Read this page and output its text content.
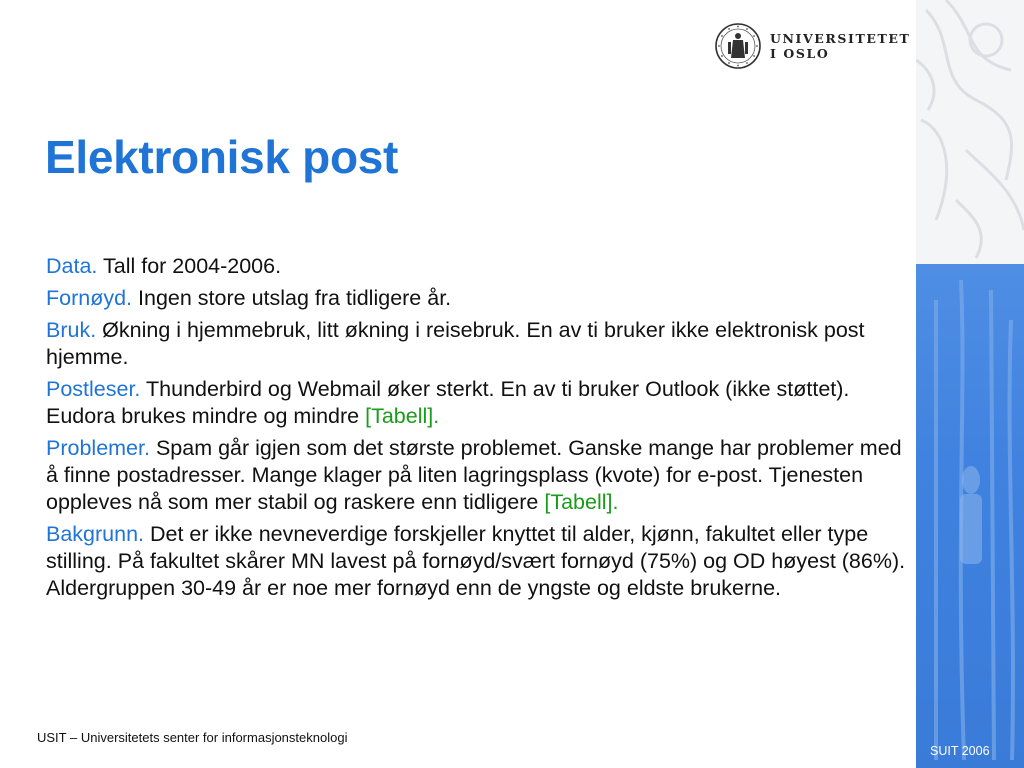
UNIVERSITETET
I OSLO
Elektronisk post

Data. Tall for 2004-2006.

Fornøyd. Ingen store utslag fra tidligere år.

Bruk. Økning i hjemmebruk, litt økning i reisebruk. En av ti bruker ikke elektronisk post hjemme.

Postleser. Thunderbird og Webmail øker sterkt. En av ti bruker Outlook (ikke støttet). Eudora brukes mindre og mindre [Tabell].

Problemer. Spam går igjen som det største problemet. Ganske mange har problemer med å finne postadresser. Mange klager på liten lagringsplass (kvote) for e-post. Tjenesten oppleves nå som mer stabil og raskere enn tidligere [Tabell].

Bakgrunn. Det er ikke nevneverdige forskjeller knyttet til alder, kjønn, fakultet eller type stilling. På fakultet skårer MN lavest på fornøyd/svært fornøyd (75%) og OD høyest (86%). Aldergruppen 30-49 år er noe mer fornøyd enn de yngste og eldste brukerne.

USIT – Universitetets senter for informasjonsteknologi
SUIT 2006
